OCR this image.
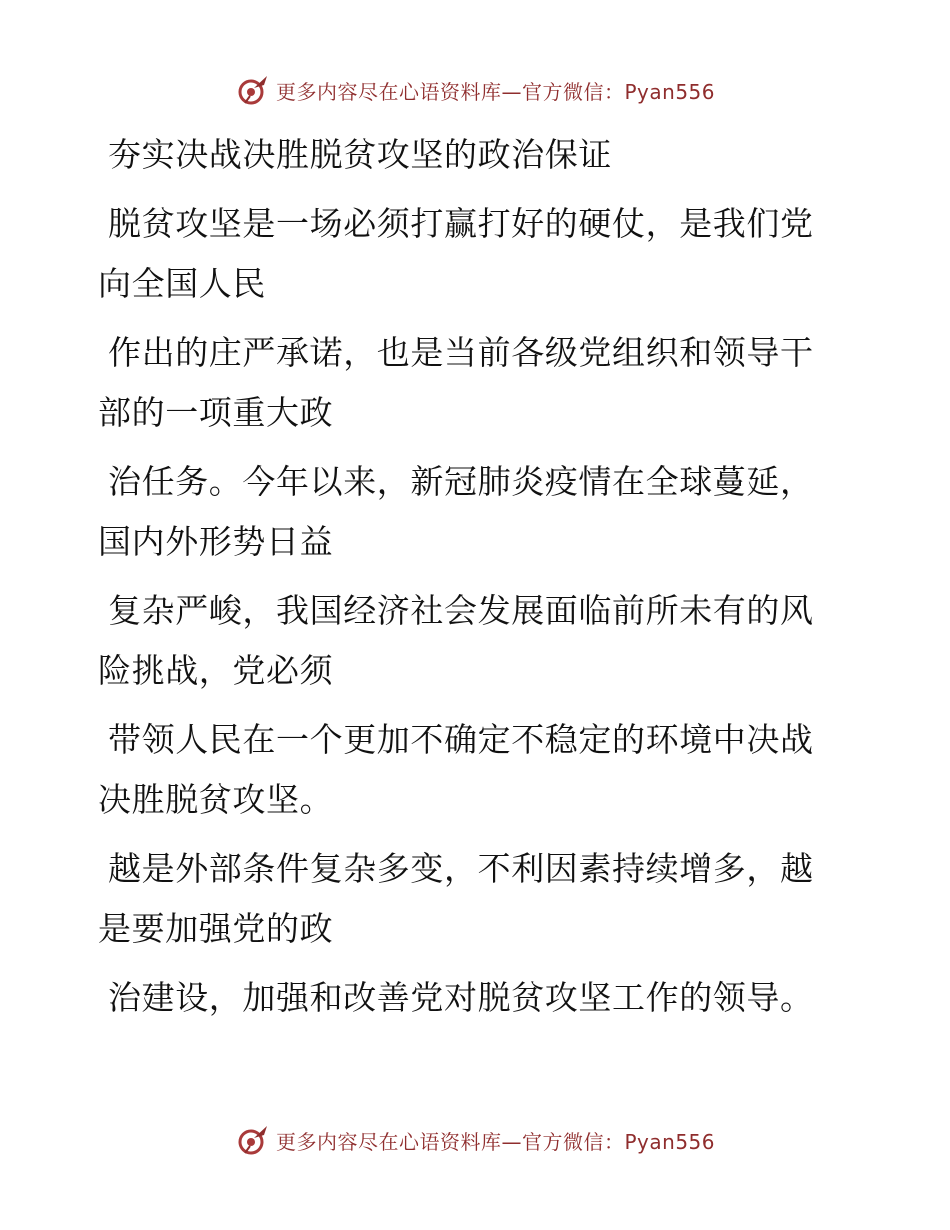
更多内容尽在心语资料库—官方微信：Pyan556

夯实决战决胜脱贫攻坚的政治保证

脱贫攻坚是一场必须打赢打好的硬仗，是我们党向全国人民

作出的庄严承诺，也是当前各级党组织和领导干部的一项重大政

治任务。今年以来，新冠肺炎疫情在全球蔓延，国内外形势日益

复杂严峻，我国经济社会发展面临前所未有的风险挑战，党必须

带领人民在一个更加不确定不稳定的环境中决战决胜脱贫攻坚。

越是外部条件复杂多变，不利因素持续增多，越是要加强党的政

治建设，加强和改善党对脱贫攻坚工作的领导。

更多内容尽在心语资料库—官方微信：Pyan556
